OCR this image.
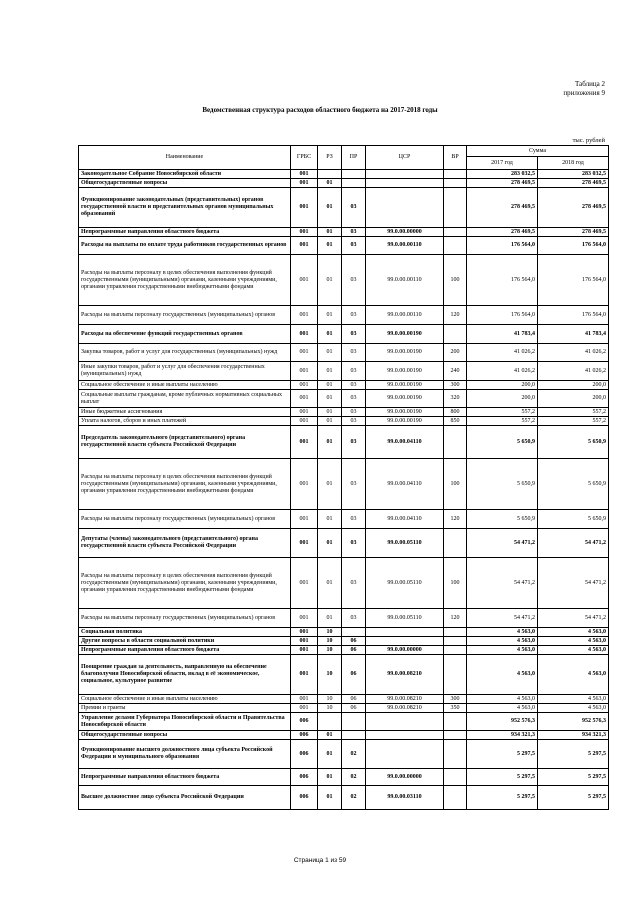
Таблица 2
приложения 9
Ведомственная структура расходов областного бюджета на 2017-2018 годы
тыс. рублей
Наименование	ГРБС	РЗ	ПР	ЦСР	ВР	Сумма	
						2017 год	2018 год
Законодательное Собрание Новосибирской области	001					283 032,5	283 032,5
Общегосударственные вопросы	001	01				278 469,5	278 469,5
Функционирование законодательных (представительных) органов государственной власти и представительных органов муниципальных образований	001	01	03			278 469,5	278 469,5
Непрограммные направления областного бюджета	001	01	03	99.0.00.00000		278 469,5	278 469,5
Расходы на выплаты по оплате труда работников государственных органов	001	01	03	99.0.00.00110		176 564,0	176 564,0
Расходы на выплаты персоналу в целях обеспечения выполнения функций государственными (муниципальными) органами, казенными учреждениями, органами управления государственными внебюджетными фондами	001	01	03	99.0.00.00110	100	176 564,0	176 564,0
Расходы на выплаты персоналу государственных (муниципальных) органов	001	01	03	99.0.00.00110	120	176 564,0	176 564,0
Расходы на обеспечение функций государственных органов	001	01	03	99.0.00.00190		41 783,4	41 783,4
Закупка товаров, работ и услуг для государственных (муниципальных) нужд	001	01	03	99.0.00.00190	200	41 026,2	41 026,2
Иные закупки товаров, работ и услуг для обеспечения государственных (муниципальных) нужд	001	01	03	99.0.00.00190	240	41 026,2	41 026,2
Социальное обеспечение и иные выплаты населению	001	01	03	99.0.00.00190	300	200,0	200,0
Социальные выплаты гражданам, кроме публичных нормативных социальных выплат	001	01	03	99.0.00.00190	320	200,0	200,0
Иные бюджетные ассигнования	001	01	03	99.0.00.00190	800	557,2	557,2
Уплата налогов, сборов и иных платежей	001	01	03	99.0.00.00190	850	557,2	557,2
Председатель законодательного (представительного) органа государственной власти субъекта Российской Федерации	001	01	03	99.0.00.04110		5 650,9	5 650,9
Расходы на выплаты персоналу в целях обеспечения выполнения функций государственными (муниципальными) органами, казенными учреждениями, органами управления государственными внебюджетными фондами	001	01	03	99.0.00.04110	100	5 650,9	5 650,9
Расходы на выплаты персоналу государственных (муниципальных) органов	001	01	03	99.0.00.04110	120	5 650,9	5 650,9
Депутаты (члены) законодательного (представительного) органа государственной власти субъекта Российской Федерации	001	01	03	99.0.00.05110		54 471,2	54 471,2
Расходы на выплаты персоналу в целях обеспечения выполнения функций государственными (муниципальными) органами, казенными учреждениями, органами управления государственными внебюджетными фондами	001	01	03	99.0.00.05110	100	54 471,2	54 471,2
Расходы на выплаты персоналу государственных (муниципальных) органов	001	01	03	99.0.00.05110	120	54 471,2	54 471,2
Социальная политика	001	10				4 563,0	4 563,0
Другие вопросы в области социальной политики	001	10	06			4 563,0	4 563,0
Непрограммные направления областного бюджета	001	10	06	99.0.00.00000		4 563,0	4 563,0
Поощрение граждан за деятельность, направленную на обеспечение благополучия Новосибирской области, вклад в её экономическое, социальное, культурное развитие	001	10	06	99.0.00.08210		4 563,0	4 563,0
Социальное обеспечение и иные выплаты населению	001	10	06	99.0.00.08210	300	4 563,0	4 563,0
Премии и гранты	001	10	06	99.0.00.08210	350	4 563,0	4 563,0
Управление делами Губернатора Новосибирской области и Правительства Новосибирской области	006					952 576,3	952 576,3
Общегосударственные вопросы	006	01				934 321,3	934 321,3
Функционирование высшего должностного лица субъекта Российской Федерации и муниципального образования	006	01	02			5 297,5	5 297,5
Непрограммные направления областного бюджета	006	01	02	99.0.00.00000		5 297,5	5 297,5
Высшее должностное лицо субъекта Российской Федерации	006	01	02	99.0.00.03110		5 297,5	5 297,5
Страница 1 из 59
